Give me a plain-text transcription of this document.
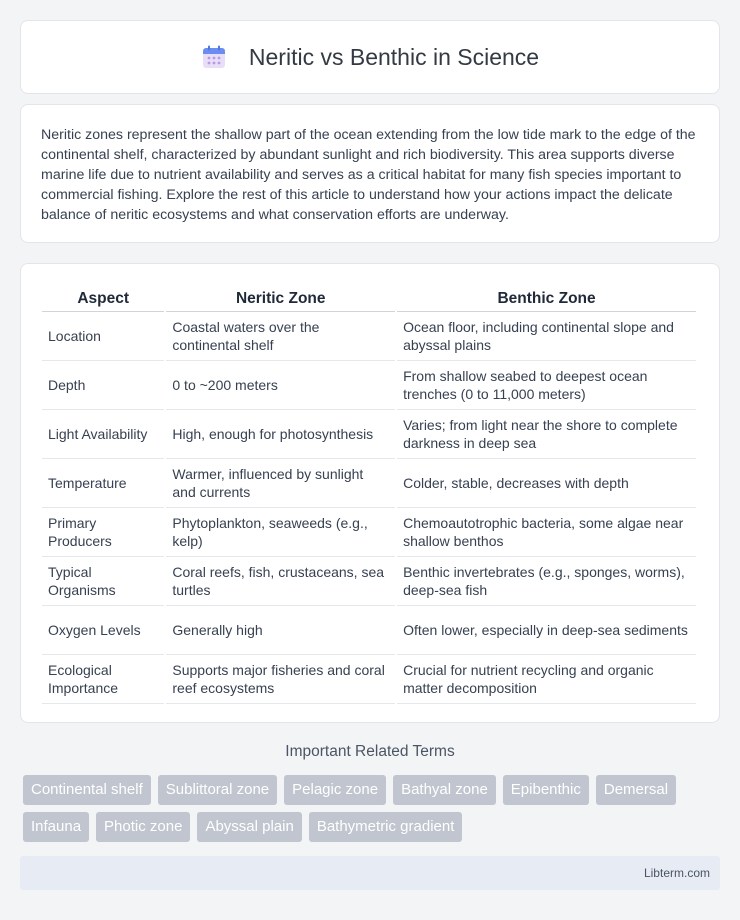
Neritic vs Benthic in Science

Neritic zones represent the shallow part of the ocean extending from the low tide mark to the edge of the continental shelf, characterized by abundant sunlight and rich biodiversity. This area supports diverse marine life due to nutrient availability and serves as a critical habitat for many fish species important to commercial fishing. Explore the rest of this article to understand how your actions impact the delicate balance of neritic ecosystems and what conservation efforts are underway.

Aspect	Neritic Zone	Benthic Zone
Location	Coastal waters over the continental shelf	Ocean floor, including continental slope and abyssal plains
Depth	0 to ~200 meters	From shallow seabed to deepest ocean trenches (0 to 11,000 meters)
Light Availability	High, enough for photosynthesis	Varies; from light near the shore to complete darkness in deep sea
Temperature	Warmer, influenced by sunlight and currents	Colder, stable, decreases with depth
Primary Producers	Phytoplankton, seaweeds (e.g., kelp)	Chemoautotrophic bacteria, some algae near shallow benthos
Typical Organisms	Coral reefs, fish, crustaceans, sea turtles	Benthic invertebrates (e.g., sponges, worms), deep-sea fish
Oxygen Levels	Generally high	Often lower, especially in deep-sea sediments
Ecological Importance	Supports major fisheries and coral reef ecosystems	Crucial for nutrient recycling and organic matter decomposition
Important Related Terms
Continental shelf	Sublittoral zone	Pelagic zone	Bathyal zone	Epibenthic	Demersal
Infauna	Photic zone	Abyssal plain	Bathymetric gradient
Libterm.com
